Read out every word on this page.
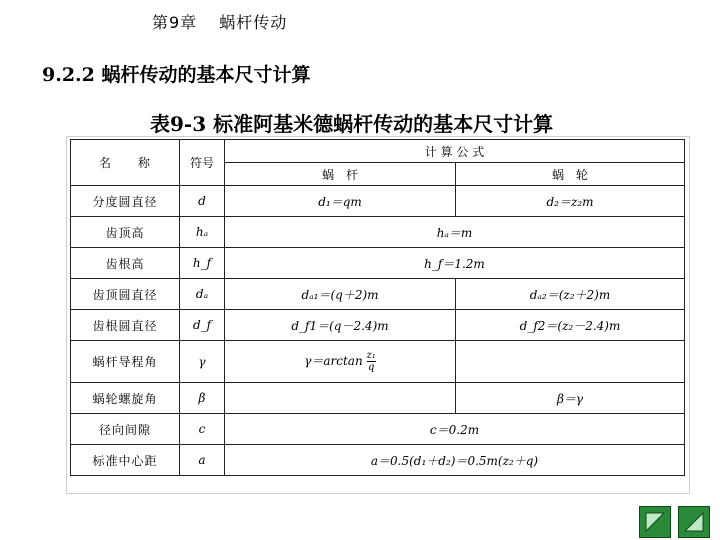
第9章 蜗杆传动
9.2.2 蜗杆传动的基本尺寸计算
表9-3 标准阿基米德蜗杆传动的基本尺寸计算
名　　称	符号	计 算 公 式	
		蜗　杆	蜗　轮
分度圆直径	d	d₁＝qm	d₂＝z₂m
齿顶高	hₐ	hₐ＝m	
齿根高	h_f	h_f＝1.2m	
齿顶圆直径	dₐ	dₐ₁＝(q＋2)m	dₐ₂＝(z₂＋2)m
齿根圆直径	d_f	d_f1＝(q－2.4)m	d_f2＝(z₂－2.4)m
蜗杆导程角	γ	$\gamma=\arctan \frac{\text{z₁}}{q}$

蜗轮螺旋角	β		β＝γ
径向间隙	c	c＝0.2m	
标准中心距	a	a＝0.5(d₁＋d₂)＝0.5m(z₂＋q)	
